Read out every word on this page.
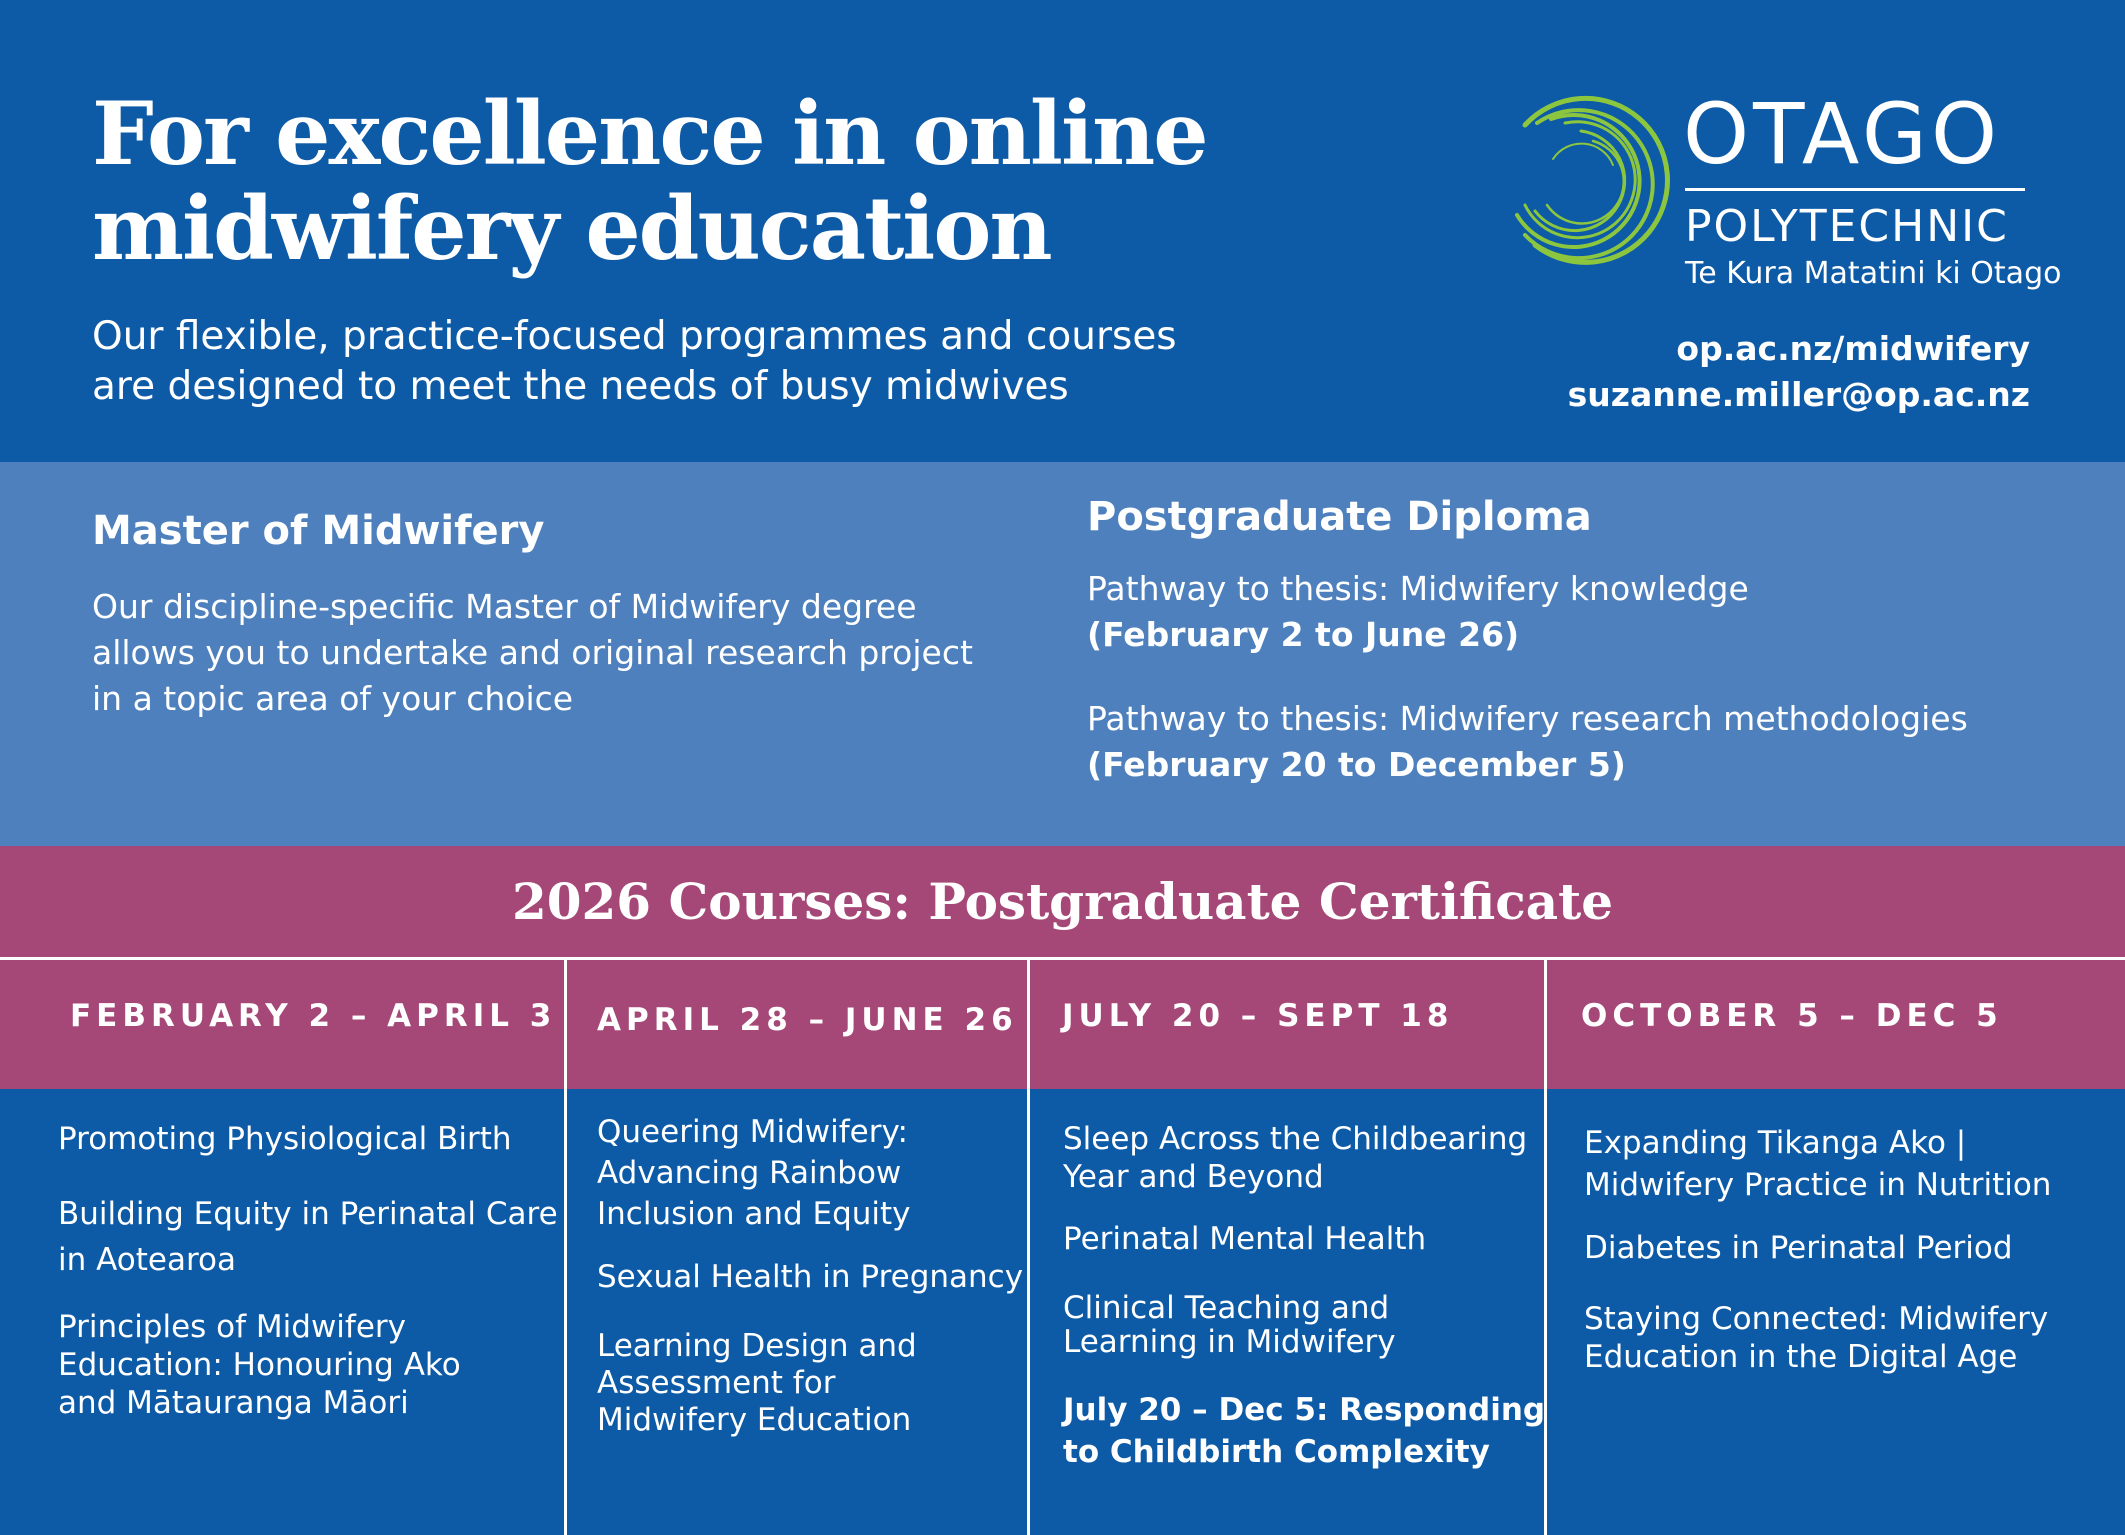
For excellence in online
midwifery education

Our flexible, practice-focused programmes and courses
are designed to meet the needs of busy midwives

OTAGO
POLYTECHNIC
Te Kura Matatini ki Otago
op.ac.nz/midwifery
suzanne.miller@op.ac.nz
Master of Midwifery

Our discipline-specific Master of Midwifery degree
allows you to undertake and original research project
in a topic area of your choice

Postgraduate Diploma
Pathway to thesis: Midwifery knowledge
(February 2 to June 26)
Pathway to thesis: Midwifery research methodologies
(February 20 to December 5)
2026 Courses: Postgraduate Certificate
FEBRUARY 2 – APRIL 3 APRIL 28 – JUNE 26 JULY 20 – SEPT 18	OCTOBER 5 – DEC 5
Promoting Physiological Birth
Building Equity in Perinatal Care
in Aotearoa
Principles of Midwifery
Education: Honouring Ako
and Mātauranga Māori
Queering Midwifery:
Advancing Rainbow
Inclusion and Equity
Sexual Health in Pregnancy
Learning Design and
Assessment for
Midwifery Education
Sleep Across the Childbearing
Year and Beyond
Perinatal Mental Health
Clinical Teaching and
Learning in Midwifery
July 20 – Dec 5: Responding
to Childbirth Complexity
Expanding Tikanga Ako |
Midwifery Practice in Nutrition
Diabetes in Perinatal Period
Staying Connected: Midwifery
Education in the Digital Age
